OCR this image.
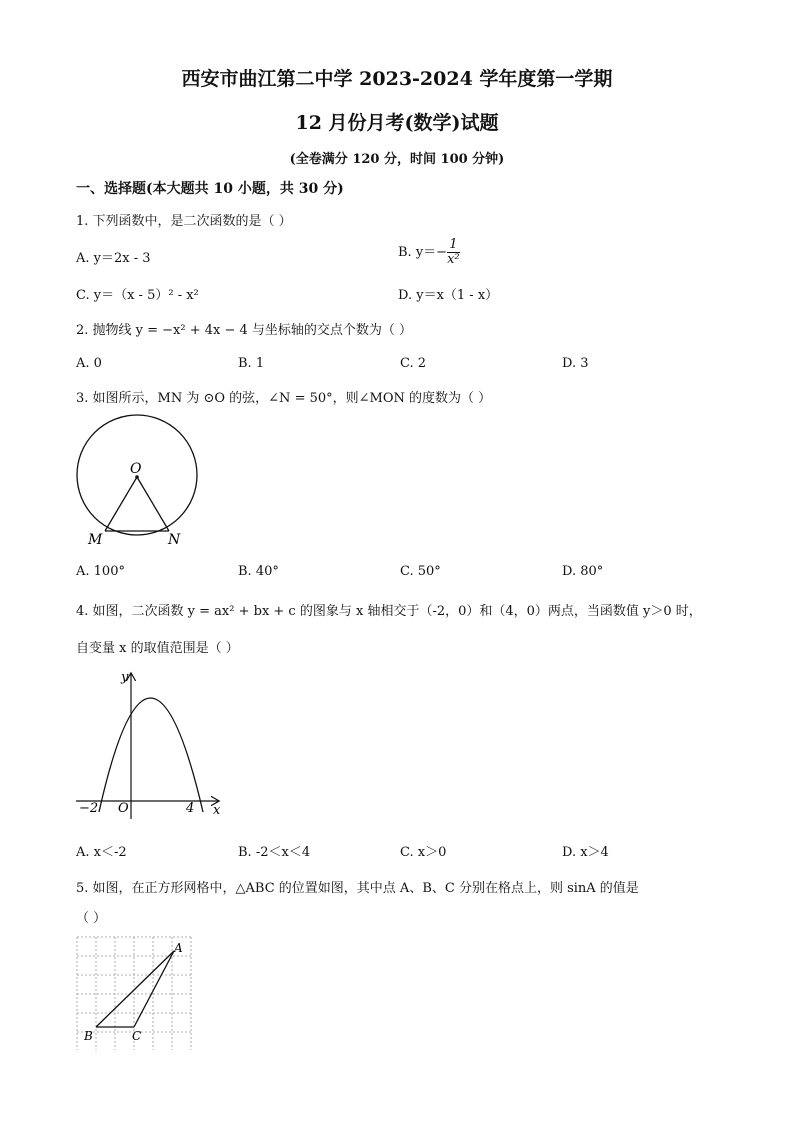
西安市曲江第二中学 2023-2024 学年度第一学期
12 月份月考(数学)试题
(全卷满分 120 分，时间 100 分钟)
一、选择题(本大题共 10 小题，共 30 分)
1. 下列函数中，是二次函数的是（ ）
A. y＝2x - 3	B. $y=- \frac{1}{\text{x²}}$
C. y＝（x - 5）² - x²	D. y＝x（1 - x）
2. 抛物线 y = −x² + 4x − 4 与坐标轴的交点个数为（ ）
A. 0	B. 1	C. 2	D. 3
3. 如图所示，MN 为 ⊙O 的弦，∠N = 50°，则∠MON 的度数为（ ）
O
M	N
A. 100°	B. 40°	C. 50°	D. 80°
4. 如图，二次函数 y = ax² + bx + c 的图象与 x 轴相交于（-2，0）和（4，0）两点，当函数值 y＞0 时，
自变量 x 的取值范围是（ ）
y
x
O
−2	4
A. x＜-2	B. -2＜x＜4	C. x＞0	D. x＞4
5. 如图，在正方形网格中，△ABC 的位置如图，其中点 A、B、C 分别在格点上，则 sinA 的值是
（ ）
A
B	C
